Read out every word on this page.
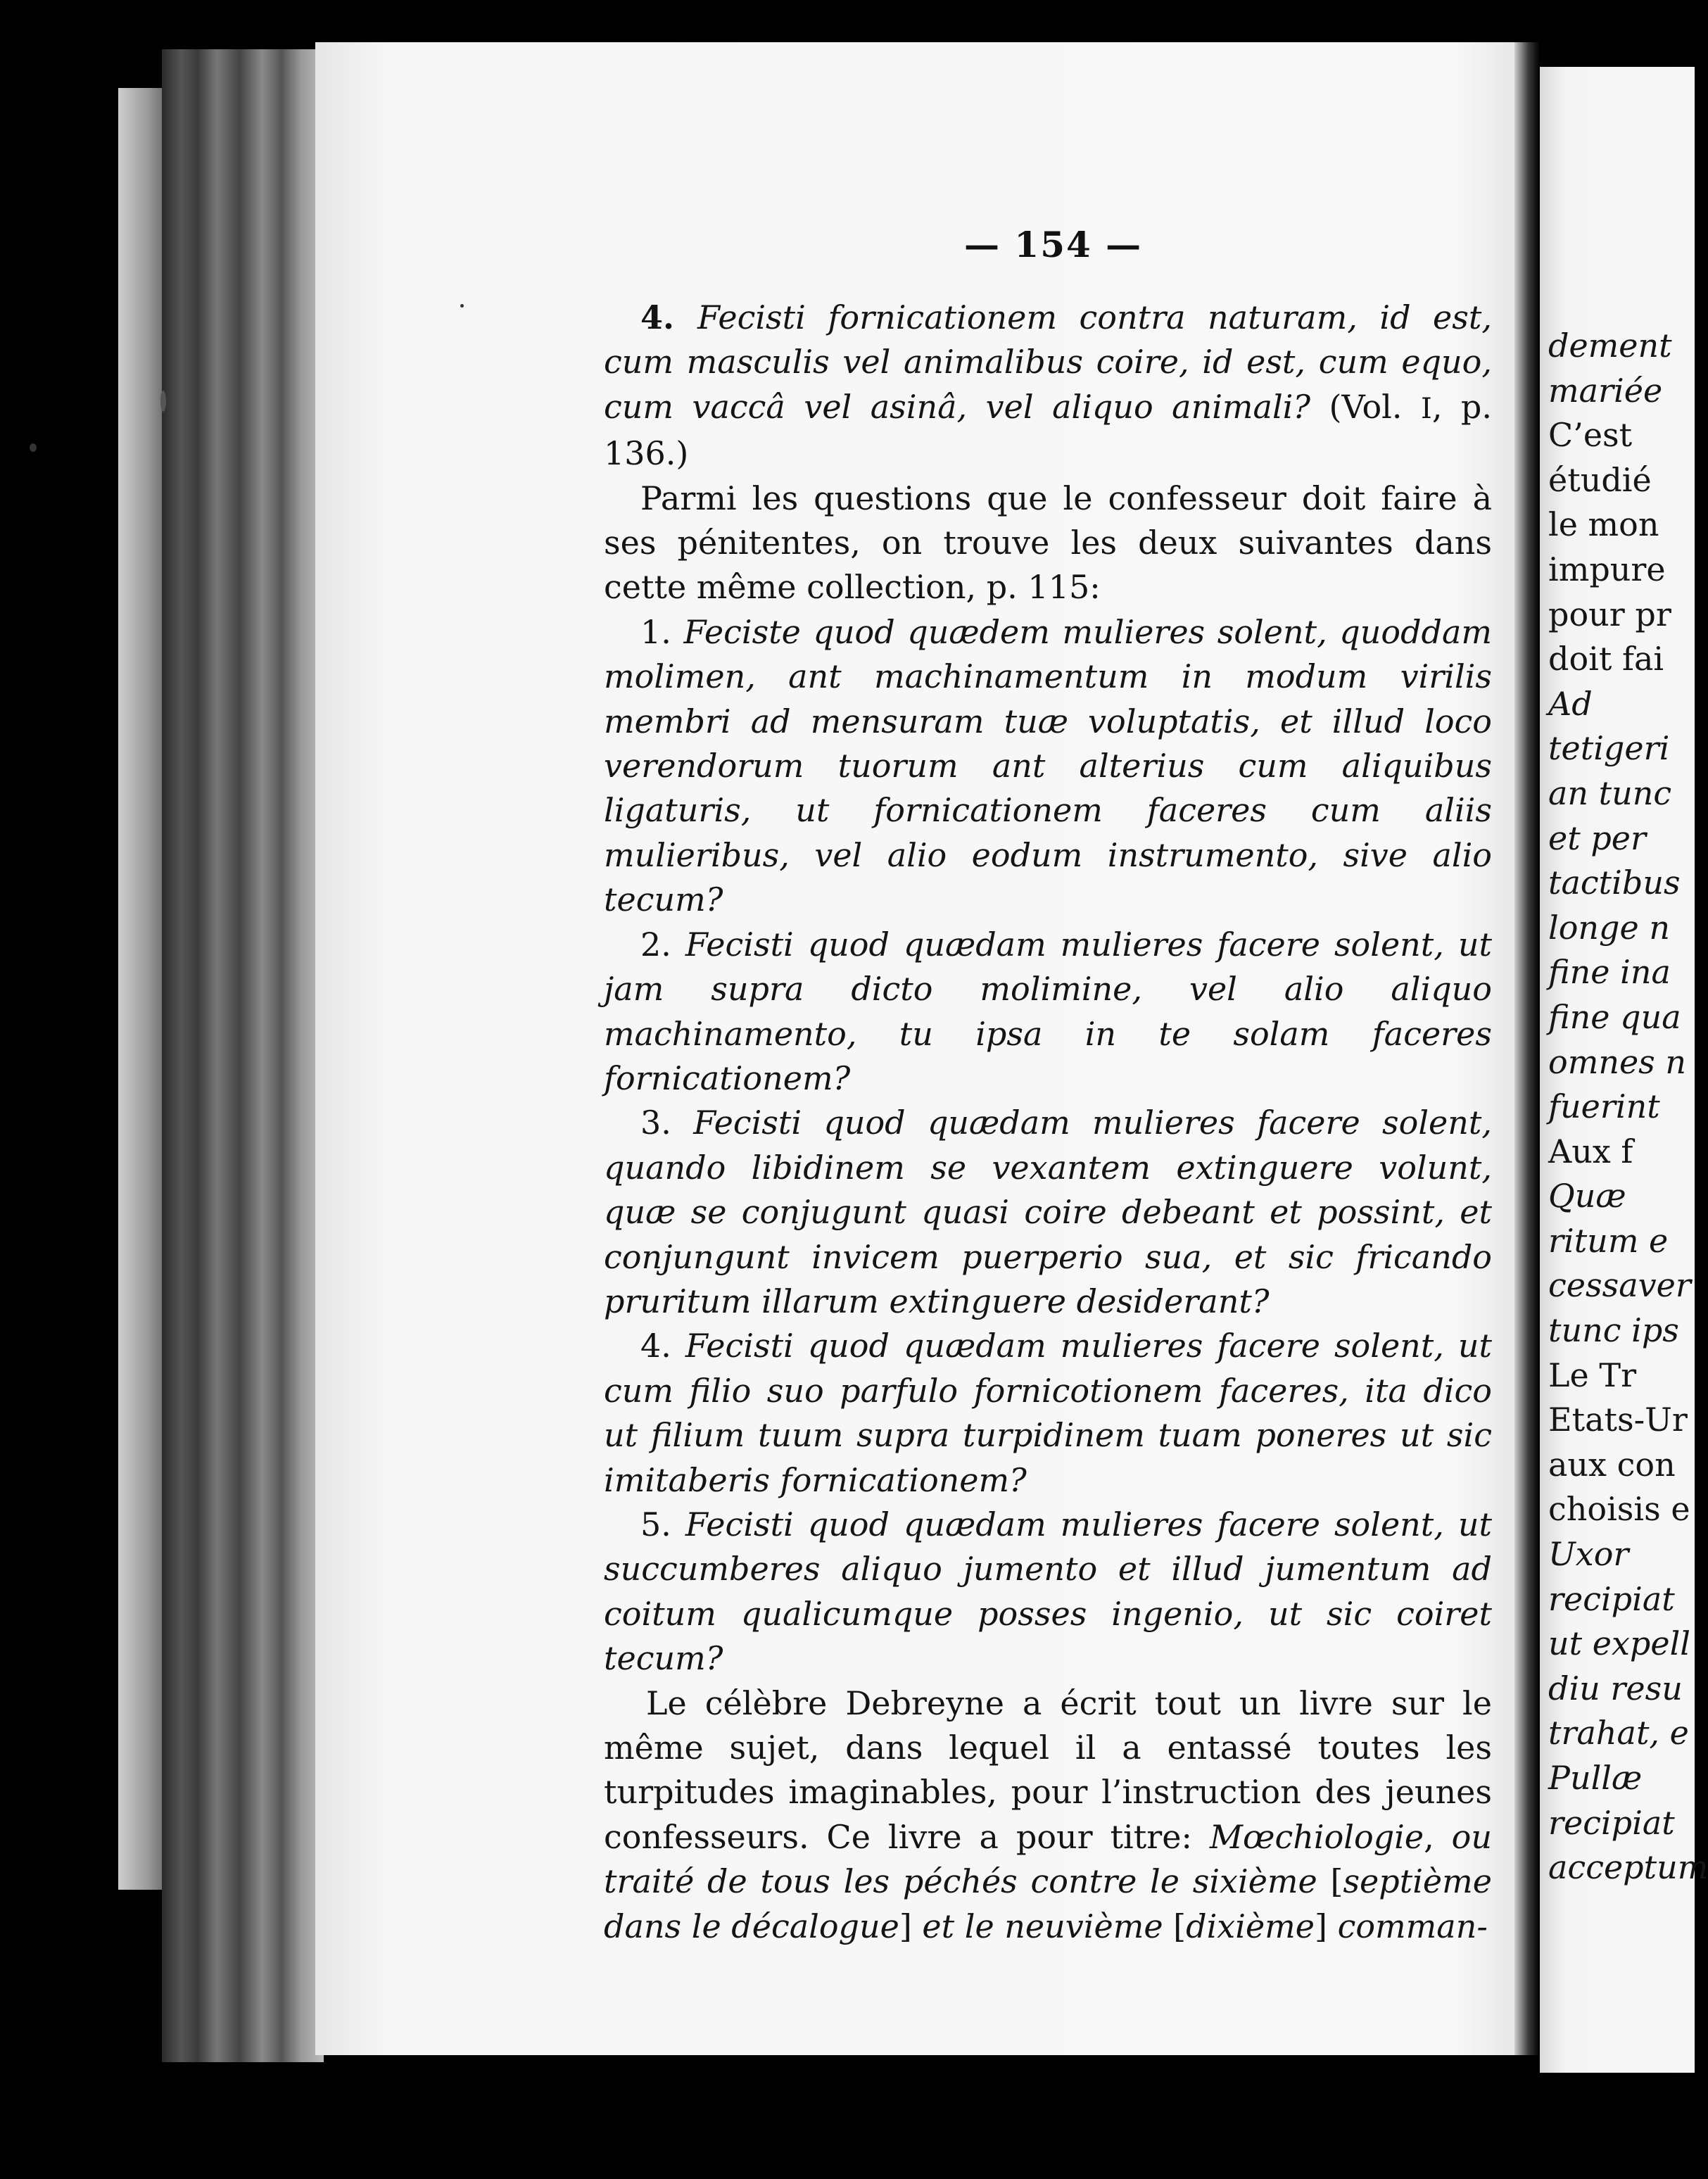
— 154 —

4. Fecisti fornicationem contra naturam, id est, cum masculis vel animalibus coire, id est, cum equo, cum vaccâ vel asinâ, vel aliquo animali? (Vol. I, p. 136.)

Parmi les questions que le confesseur doit faire à ses pénitentes, on trouve les deux suivantes dans cette même collection, p. 115:

1. Feciste quod quædem mulieres solent, quoddam molimen, ant machinamentum in modum virilis membri ad mensuram tuæ voluptatis, et illud loco verendorum tuorum ant alterius cum aliquibus ligaturis, ut fornicationem faceres cum aliis mulieribus, vel alio eodum instrumento, sive alio tecum?

2. Fecisti quod quædam mulieres facere solent, ut jam supra dicto molimine, vel alio aliquo machinamento, tu ipsa in te solam faceres fornicationem?

3. Fecisti quod quædam mulieres facere solent, quando libidinem se vexantem extinguere volunt, quæ se conjugunt quasi coire debeant et possint, et conjungunt invicem puerperio sua, et sic fricando pruritum illarum extinguere desiderant?

4. Fecisti quod quædam mulieres facere solent, ut cum filio suo parfulo fornicotionem faceres, ita dico ut filium tuum supra turpidinem tuam poneres ut sic imitaberis fornicationem?

5. Fecisti quod quædam mulieres facere solent, ut succumberes aliquo jumento et illud jumentum ad coitum qualicumque posses ingenio, ut sic coiret tecum?

Le célèbre Debreyne a écrit tout un livre sur le même sujet, dans lequel il a entassé toutes les turpitudes imaginables, pour l’instruction des jeunes confesseurs. Ce livre a pour titre: Mœchiologie, ou traité de tous les péchés contre le sixième [septième dans le décalogue] et le neuvième [dixième] comman-

dement
mariée
C’est
étudié
le mon
impure
pour pr
doit fai
Ad
tetigeri
an tunc
et per
tactibus
longe n
fine ina
fine qua
omnes n
fuerint
Aux f
Quæ
ritum e
cessaver
tunc ips
Le Tr
Etats-Ur
aux con
choisis e
Uxor
recipiat
ut expell
diu resu
trahat, e
Pullæ
recipiat
acceptum
